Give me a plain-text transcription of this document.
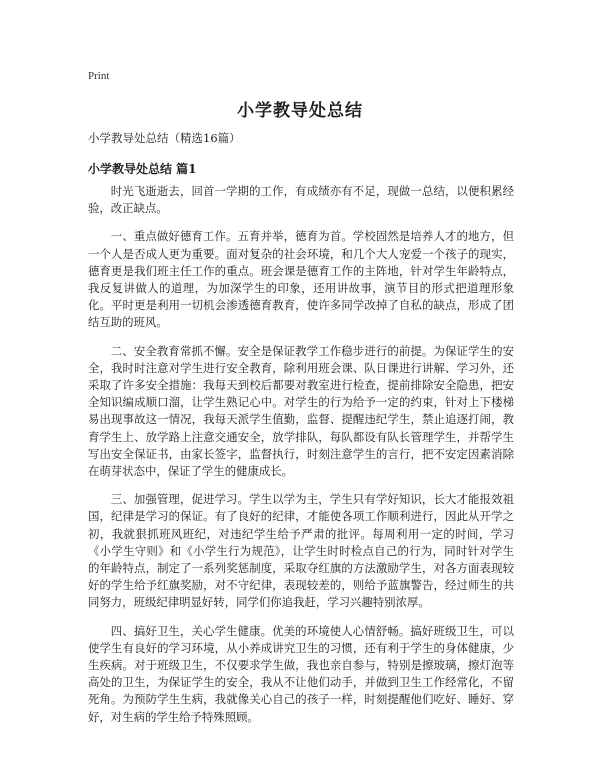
Print
小学教导处总结
小学教导处总结（精选16篇）
小学教导处总结 篇1

时光飞逝逝去，回首一学期的工作，有成绩亦有不足，现做一总结，以便积累经验，改正缺点。

一、重点做好德育工作。五育并举，德育为首。学校固然是培养人才的地方，但一个人是否成人更为重要。面对复杂的社会环境，和几个大人宠爱一个孩子的现实，德育更是我们班主任工作的重点。班会课是德育工作的主阵地，针对学生年龄特点，我反复讲做人的道理，为加深学生的印象，还用讲故事，演节目的形式把道理形象化。平时更是利用一切机会渗透德育教育，使许多同学改掉了自私的缺点，形成了团结互助的班风。

二、安全教育常抓不懈。安全是保证教学工作稳步进行的前提。为保证学生的安全，我时时注意对学生进行安全教育，除利用班会课、队日课进行讲解、学习外，还采取了许多安全措施：我每天到校后都要对教室进行检查，提前排除安全隐患，把安全知识编成顺口溜，让学生熟记心中。对学生的行为给予一定的约束，针对上下楼梯易出现事故这一情况，我每天派学生值勤，监督、提醒违纪学生，禁止追逐打闹，教育学生上、放学路上注意交通安全，放学排队，每队都设有队长管理学生，并帮学生写出安全保证书，由家长签字，监督执行，时刻注意学生的言行，把不安定因素消除在萌芽状态中，保证了学生的健康成长。

三、加强管理，促进学习。学生以学为主，学生只有学好知识，长大才能报效祖国，纪律是学习的保证。有了良好的纪律，才能使各项工作顺利进行，因此从开学之初，我就狠抓班风班纪，对违纪学生给予严肃的批评。每周利用一定的时间，学习《小学生守则》和《小学生行为规范》，让学生时时检点自己的行为，同时针对学生的年龄特点，制定了一系列奖惩制度，采取夺红旗的方法激励学生，对各方面表现较好的学生给予红旗奖励，对不守纪律，表现较差的，则给予蓝旗警告，经过师生的共同努力，班级纪律明显好转，同学们你追我赶，学习兴趣特别浓厚。

四、搞好卫生，关心学生健康。优美的环境使人心情舒畅。搞好班级卫生，可以使学生有良好的学习环境，从小养成讲究卫生的习惯，还有利于学生的身体健康，少生疾病。对于班级卫生，不仅要求学生做，我也亲自参与，特别是擦玻璃，擦灯泡等高处的卫生，为保证学生的安全，我从不让他们动手，并做到卫生工作经常化，不留死角。为预防学生生病，我就像关心自己的孩子一样，时刻提醒他们吃好、睡好、穿好，对生病的学生给予特殊照顾。
